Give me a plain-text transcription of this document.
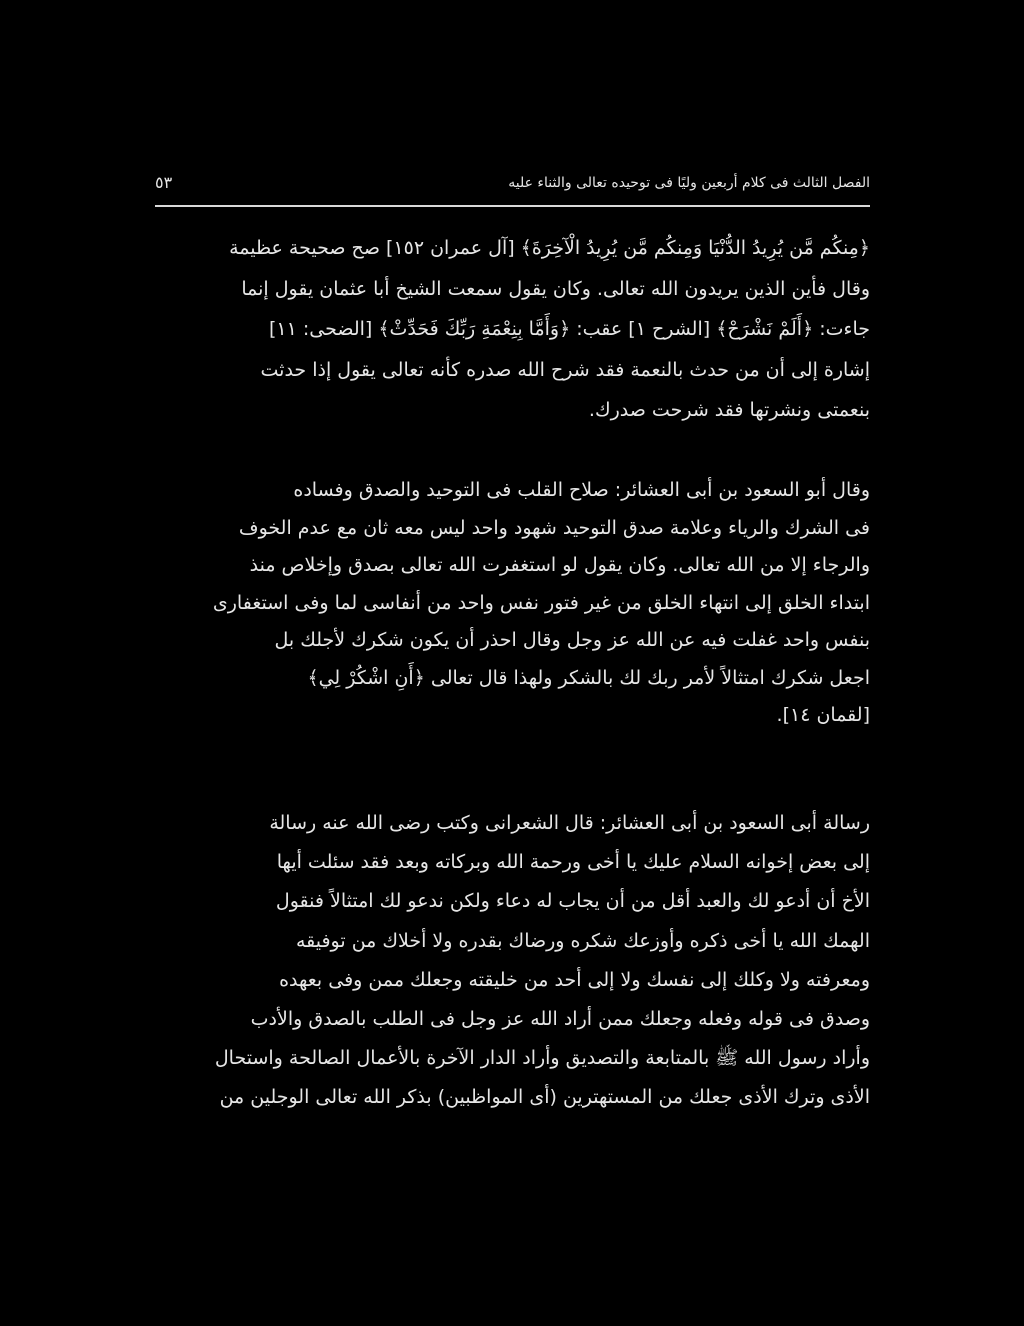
الفصل الثالث فى كلام أربعين وليًا فى توحيده تعالى والثناء عليه
٥٣

﴿مِنكُم مَّن يُرِيدُ الدُّنْيَا وَمِنكُم مَّن يُرِيدُ الْآخِرَةَ﴾ [آل عمران ١٥٢] صح صحيحة عظيمة
وقال فأين الذين يريدون الله تعالى. وكان يقول سمعت الشيخ أبا عثمان يقول إنما
جاءت: ﴿أَلَمْ نَشْرَحْ﴾ [الشرح ١] عقب: ﴿وَأَمَّا بِنِعْمَةِ رَبِّكَ فَحَدِّثْ﴾ [الضحى: ١١]
إشارة إلى أن من حدث بالنعمة فقد شرح الله صدره كأنه تعالى يقول إذا حدثت
بنعمتى ونشرتها فقد شرحت صدرك.

وقال أبو السعود بن أبى العشائر: صلاح القلب فى التوحيد والصدق وفساده
فى الشرك والرياء وعلامة صدق التوحيد شهود واحد ليس معه ثان مع عدم الخوف
والرجاء إلا من الله تعالى. وكان يقول لو استغفرت الله تعالى بصدق وإخلاص منذ
ابتداء الخلق إلى انتهاء الخلق من غير فتور نفس واحد من أنفاسى لما وفى استغفارى
بنفس واحد غفلت فيه عن الله عز وجل وقال احذر أن يكون شكرك لأجلك بل
اجعل شكرك امتثالاً لأمر ربك لك بالشكر ولهذا قال تعالى ﴿أَنِ اشْكُرْ لِي﴾
[لقمان ١٤].

رسالة أبى السعود بن أبى العشائر: قال الشعرانى وكتب رضى الله عنه رسالة
إلى بعض إخوانه السلام عليك يا أخى ورحمة الله وبركاته وبعد فقد سئلت أيها
الأخ أن أدعو لك والعبد أقل من أن يجاب له دعاء ولكن ندعو لك امتثالاً فنقول
الهمك الله يا أخى ذكره وأوزعك شكره ورضاك بقدره ولا أخلاك من توفيقه
ومعرفته ولا وكلك إلى نفسك ولا إلى أحد من خليقته وجعلك ممن وفى بعهده
وصدق فى قوله وفعله وجعلك ممن أراد الله عز وجل فى الطلب بالصدق والأدب
وأراد رسول الله ﷺ بالمتابعة والتصديق وأراد الدار الآخرة بالأعمال الصالحة واستحال
الأذى وترك الأذى جعلك من المستهترين (أى المواظبين) بذكر الله تعالى الوجلين من
